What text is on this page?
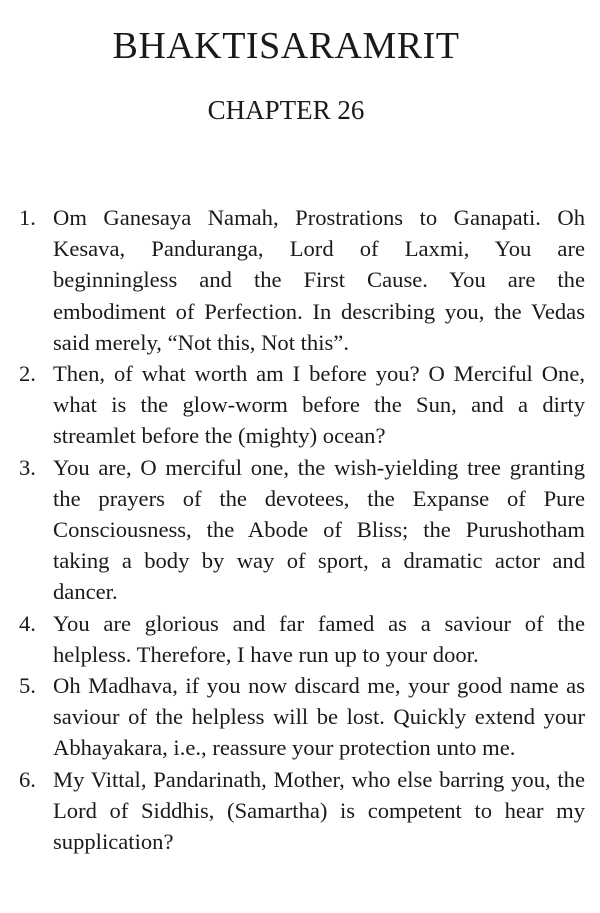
BHAKTISARAMRIT
CHAPTER 26
1. Om Ganesaya Namah, Prostrations to Ganapati. Oh Kesava, Panduranga, Lord of Laxmi, You are beginningless and the First Cause. You are the embodiment of Perfection. In describing you, the Vedas said merely, “Not this, Not this”.
2. Then, of what worth am I before you? O Merciful One, what is the glow-worm before the Sun, and a dirty streamlet before the (mighty) ocean?
3. You are, O merciful one, the wish-yielding tree granting the prayers of the devotees, the Expanse of Pure Consciousness, the Abode of Bliss; the Purushotham taking a body by way of sport, a dramatic actor and dancer.
4. You are glorious and far famed as a saviour of the helpless. Therefore, I have run up to your door.
5. Oh Madhava, if you now discard me, your good name as saviour of the helpless will be lost. Quickly extend your Abhayakara, i.e., reassure your protection unto me.
6. My Vittal, Pandarinath, Mother, who else barring you, the Lord of Siddhis, (Samartha) is competent to hear my supplication?
